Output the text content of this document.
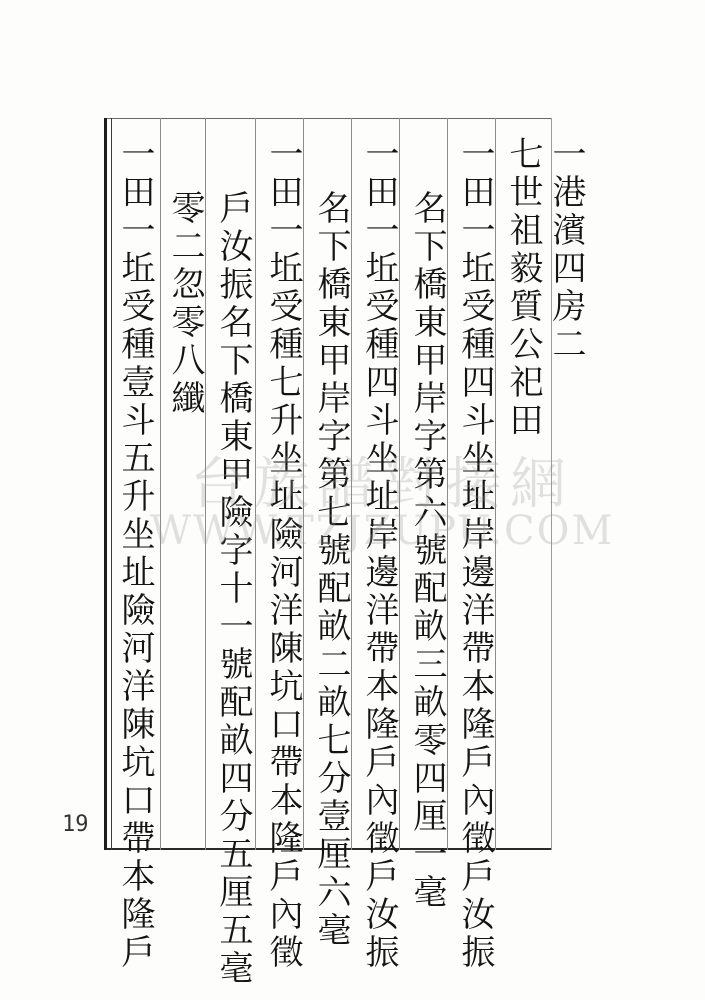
一港濱四房二
七世祖毅質公祀田
一田一坵受種四斗坐址岸邊洋帶本隆戶內徵戶汝振
名下橋東甲岸字第六號配畝三畝零四厘一毫
一田一坵受種四斗坐址岸邊洋帶本隆戶內徵戶汝振
名下橋東甲岸字第七號配畝二畝七分壹厘六毫
一田一坵受種七升坐址險河洋陳坑口帶本隆戶內徵
戶汝振名下橋東甲險字十一號配畝四分五厘五毫
零二忽零八纖
一田一坵受種壹斗五升坐址險河洋陳坑口帶本隆戶 台族譜對接網
WWW.TZJZUPU.COM
19
